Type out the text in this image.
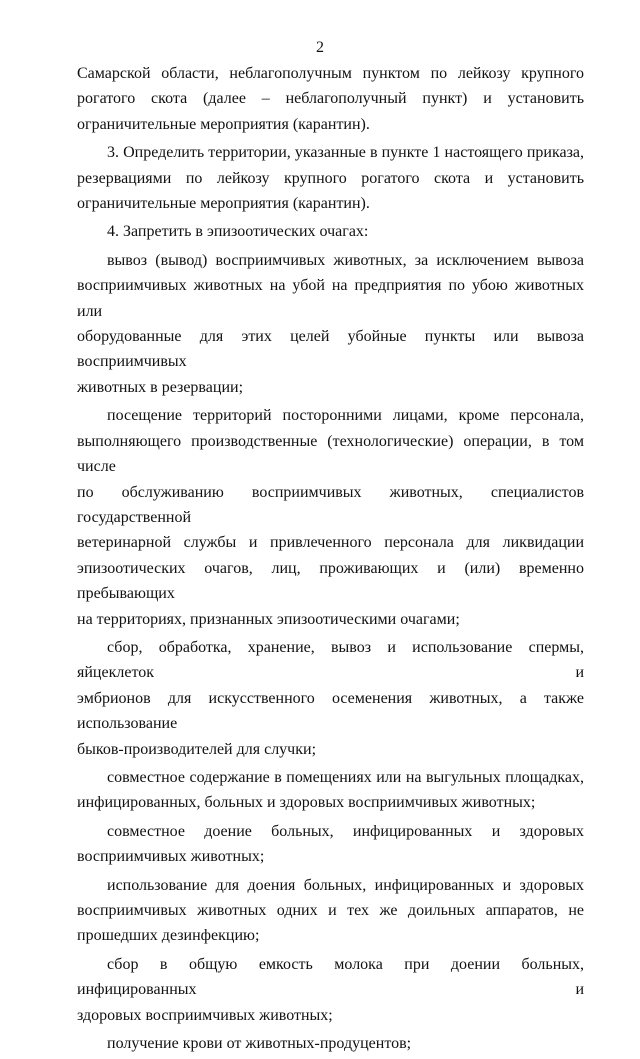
2
Самарской области, неблагополучным пунктом по лейкозу крупного
рогатого скота (далее – неблагополучный пункт) и установить
ограничительные мероприятия (карантин).
3. Определить территории, указанные в пункте 1 настоящего приказа,
резервациями по лейкозу крупного рогатого скота и установить
ограничительные мероприятия (карантин).
4. Запретить в эпизоотических очагах:
вывоз (вывод) восприимчивых животных, за исключением вывоза
восприимчивых животных на убой на предприятия по убою животных или
оборудованные для этих целей убойные пункты или вывоза восприимчивых
животных в резервации;
посещение территорий посторонними лицами, кроме персонала,
выполняющего производственные (технологические) операции, в том числе
по обслуживанию восприимчивых животных, специалистов государственной
ветеринарной службы и привлеченного персонала для ликвидации
эпизоотических очагов, лиц, проживающих и (или) временно пребывающих
на территориях, признанных эпизоотическими очагами;
сбор, обработка, хранение, вывоз и использование спермы, яйцеклеток и
эмбрионов для искусственного осеменения животных, а также использование
быков-производителей для случки;
совместное содержание в помещениях или на выгульных площадках,
инфицированных, больных и здоровых восприимчивых животных;
совместное доение больных, инфицированных и здоровых
восприимчивых животных;
использование для доения больных, инфицированных и здоровых
восприимчивых животных одних и тех же доильных аппаратов, не
прошедших дезинфекцию;
сбор в общую емкость молока при доении больных, инфицированных и
здоровых восприимчивых животных;
получение крови от животных-продуцентов;
